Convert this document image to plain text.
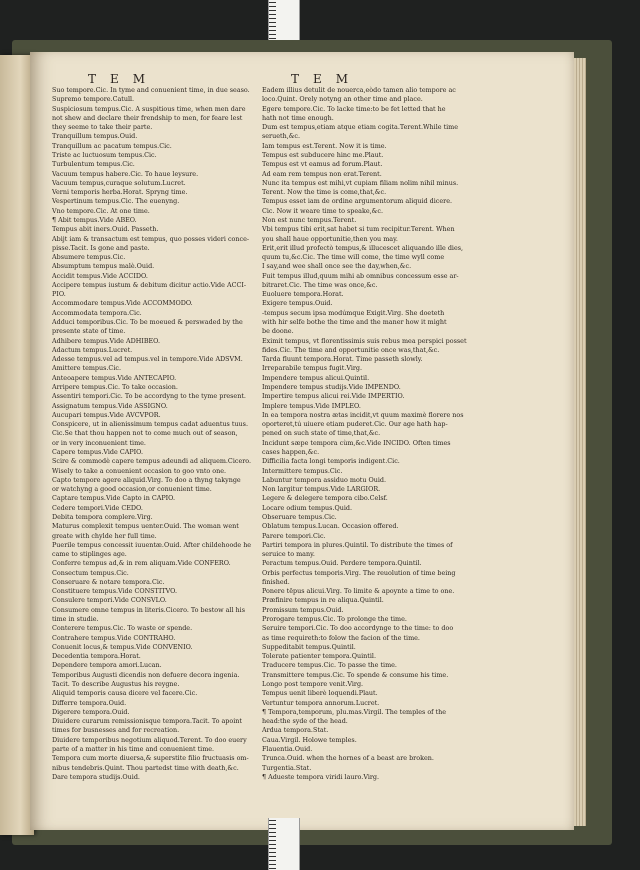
TEM	TEM
Suo tempore.Cic. In tyme and conuenient time, in due seaso.
Supremo tempore.Catull.
Suspiciosum tempus.Cic. A suspitious time, when men dare
not shew and declare their frendship to men, for feare lest
they seeme to take their parte.
Tranquillum tempus.Ouid.
Tranquillum ac pacatum tempus.Cic.
Triste ac luctuosum tempus.Cic.
Turbulentum tempus.Cic.
Vacuum tempus habere.Cic. To haue leysure.
Vacuum tempus,curaque solutum.Lucret.
Verni temporis herba.Horat. Spryng time.
Vespertinum tempus.Cic. The euenyng.
Vno tempore.Cic. At one time.
¶ Abit tempus.Vide ABEO.
Tempus abit iners.Ouid. Passeth.
Abijt iam & transactum est tempus, quo posses videri conce-
pisse.Tacit. Is gone and paste.
Absumere tempus.Cic.
Absumptum tempus malè.Ouid.
Accidit tempus.Vide ACCIDO.
Accipere tempus iustum & debitum dicitur actio.Vide ACCI-
PIO.
Accommodare tempus.Vide ACCOMMODO.
Accommodata tempora.Cic.
Adduci temporibus.Cic. To be moeued & perswaded by the
presente state of time.
Adhibere tempus.Vide ADHIBEO.
Adactum tempus.Lucret.
Adesse tempus.vel ad tempus.vel in tempore.Vide ADSVM.
Amittere tempus.Cic.
Anteoapere tempus.Vide ANTECAPIO.
Arripere tempus.Cic. To take occasion.
Assentiri tempori.Cic. To be accordyng to the tyme present.
Assignatum tempus.Vide ASSIGNO.
Aucupari tempus.Vide AVCVPOR.
Conspicere, ut in alienissimum tempus cadat aduentus tuus.
Cic.Se that thou happen not to come much out of season,
or in very inconuenient time.
Capere tempus.Vide CAPIO.
Scire & commodè capere tempus adeundi ad aliquem.Cicero.
Wisely to take a conuenient occasion to goo vnto one.
Capto tempore agere aliquid.Virg. To doo a thyng takynge
or watchyng a good occasion,or conuenient time.
Captare tempus.Vide Capto in CAPIO.
Cedere tempori.Vide CEDO.
Debita tempora complere.Virg.
Maturus complexit tempus uenter.Ouid. The woman went
greate with chylde her full time.
Puerile tempus concessit iuuentæ.Ouid. After childehoode he
came to stiplinges age.
Conferre tempus ad,& in rem aliquam.Vide CONFERO.
Consectum tempus.Cic.
Conseruare & notare tempora.Cic.
Constituere tempus.Vide CONSTITVO.
Consulere tempori.Vide CONSVLO.
Consumere omne tempus in literis.Cicero. To bestow all his
time in studie.
Conterere tempus.Cic. To waste or spende.
Contrahere tempus.Vide CONTRAHO.
Conuenit locus,& tempus.Vide CONVENIO.
Decedentia tempora.Horat.
Dependere tempora amori.Lucan.
Temporibus Augusti dicendis non defuere decora ingenia.
Tacit. To describe Augustus his reygne.
Aliquid temporis causa dicere vel facere.Cic.
Differre tempora.Ouid.
Digerere tempora.Ouid.
Diuidere curarum remissionisque tempora.Tacit. To apoint
times for busnesses and for recreation.
Diuidere temporibus negotium aliquod.Terent. To doo euery
parte of a matter in his time and conuenient time.
Tempora cum morte diuersa,& superstite filio fructuasis om-
nibus tendebris.Quint. Thou partedst time with death,&c.
Dare tempora studijs.Ouid.
Eadem illius detulit de nouerca,eòdo tamen alio tempore ac
loco.Quint. Orely notyng an other time and place.
Egere tempore.Cic. To lacke time:to be fet letted that he
hath not time enough.
Dum est tempus,etiam atque etiam cogita.Terent.While time
serueth,&c.
Iam tempus est.Terent. Now it is time.
Tempus est subducere hinc me.Plaut.
Tempus est vt eamus ad forum.Plaut.
Ad eam rem tempus non erat.Terent.
Nunc ita tempus est mihi,vt cupiam filiam nolim nihil minus.
Terent. Now the time is come,that,&c.
Tempus esset iam de ordine argumentorum aliquid dicere.
Cic. Now it weare time to speake,&c.
Non est nunc tempus.Terent.
Vbi tempus tibi erit,sat habet si tum recipitur.Terent. When
you shall haue opportunitie,then you may.
Erit,erit illud profectò tempus,& illucescet aliquando ille dies,
quum tu,&c.Cic. The time will come, the time wyll come
I say,and wee shall once see the day,when,&c.
Fuit tempus illud,quum mihi ab omnibus concessum esse ar-
bitraret.Cic. The time was once,&c.
Euoluere tempora.Horat.
Exigere tempus.Ouid.
-tempus secum ipsa modúmque Exigit.Virg. She doeteth
with hir selfe bothe the time and the maner how it might
be doone.
Eximit tempus, vt florentissimis suis rebus mea perspici posset
fides.Cic. The time and opportunitie once was,that,&c.
Tarda fluunt tempora.Horat. Time passeth slowly.
Irreparabile tempus fugit.Virg.
Impendere tempus alicui.Quintil.
Impendere tempus studijs.Vide IMPENDO.
Impertire tempus alicui rei.Vide IMPERTIO.
Implere tempus.Vide IMPLEO.
In ea tempora nostra ætas incidit,vt quum maximè florere nos
oporteret,tú uiuere etiam puderet.Cic. Our age hath hap-
pened on such state of time,that,&c.
Incidunt sæpe tempora cùm,&c.Vide INCIDO. Often times
cases happen,&c.
Difficilia facta longi temporis indigent.Cic.
Intermittere tempus.Cic.
Labuntur tempora assiduo motu Ouid.
Non largitur tempus.Vide LARGIOR.
Legere & delegere tempora cibo.Celsf.
Locare odium tempus.Quid.
Obseruare tempus.Cic.
Oblatum tempus.Lucan. Occasion offered.
Parere tempori.Cic.
Partiri tempora in plures.Quintil. To distribute the times of
seruice to many.
Peractum tempus.Ouid. Perdere tempora.Quintil.
Orbis perfectus temporis.Virg. The reuolution of time being
finished.
Ponere tēpus alicui.Virg. To limite & apoynte a time to one.
Præfinire tempus in re aliqua.Quintil.
Promissum tempus.Ouid.
Prorogare tempus.Cic. To prolonge the time.
Seruire tempori.Cic. To doo accordynge to the time: to doo
as time requireth:to folow the facion of the time.
Suppeditabit tempus.Quintil.
Tolerate patienter tempora.Quintil.
Traducere tempus.Cic. To passe the time.
Transmittere tempus.Cic. To spende & consume his time.
Longo post tempore venit.Virg.
Tempus uenit liberè loquendi.Plaut.
Vertuntur tempora annorum.Lucret.
¶ Tempora,temporum, plu.mas.Virgil. The temples of the
head:the syde of the head.
Ardua tempora.Stat.
Caua.Virgil. Holowe temples.
Flauentia.Ouid.
Trunca.Ouid. when the hornes of a beast are broken.
Turgentia.Stat.
¶ Adueste tempora viridi lauro.Virg.
